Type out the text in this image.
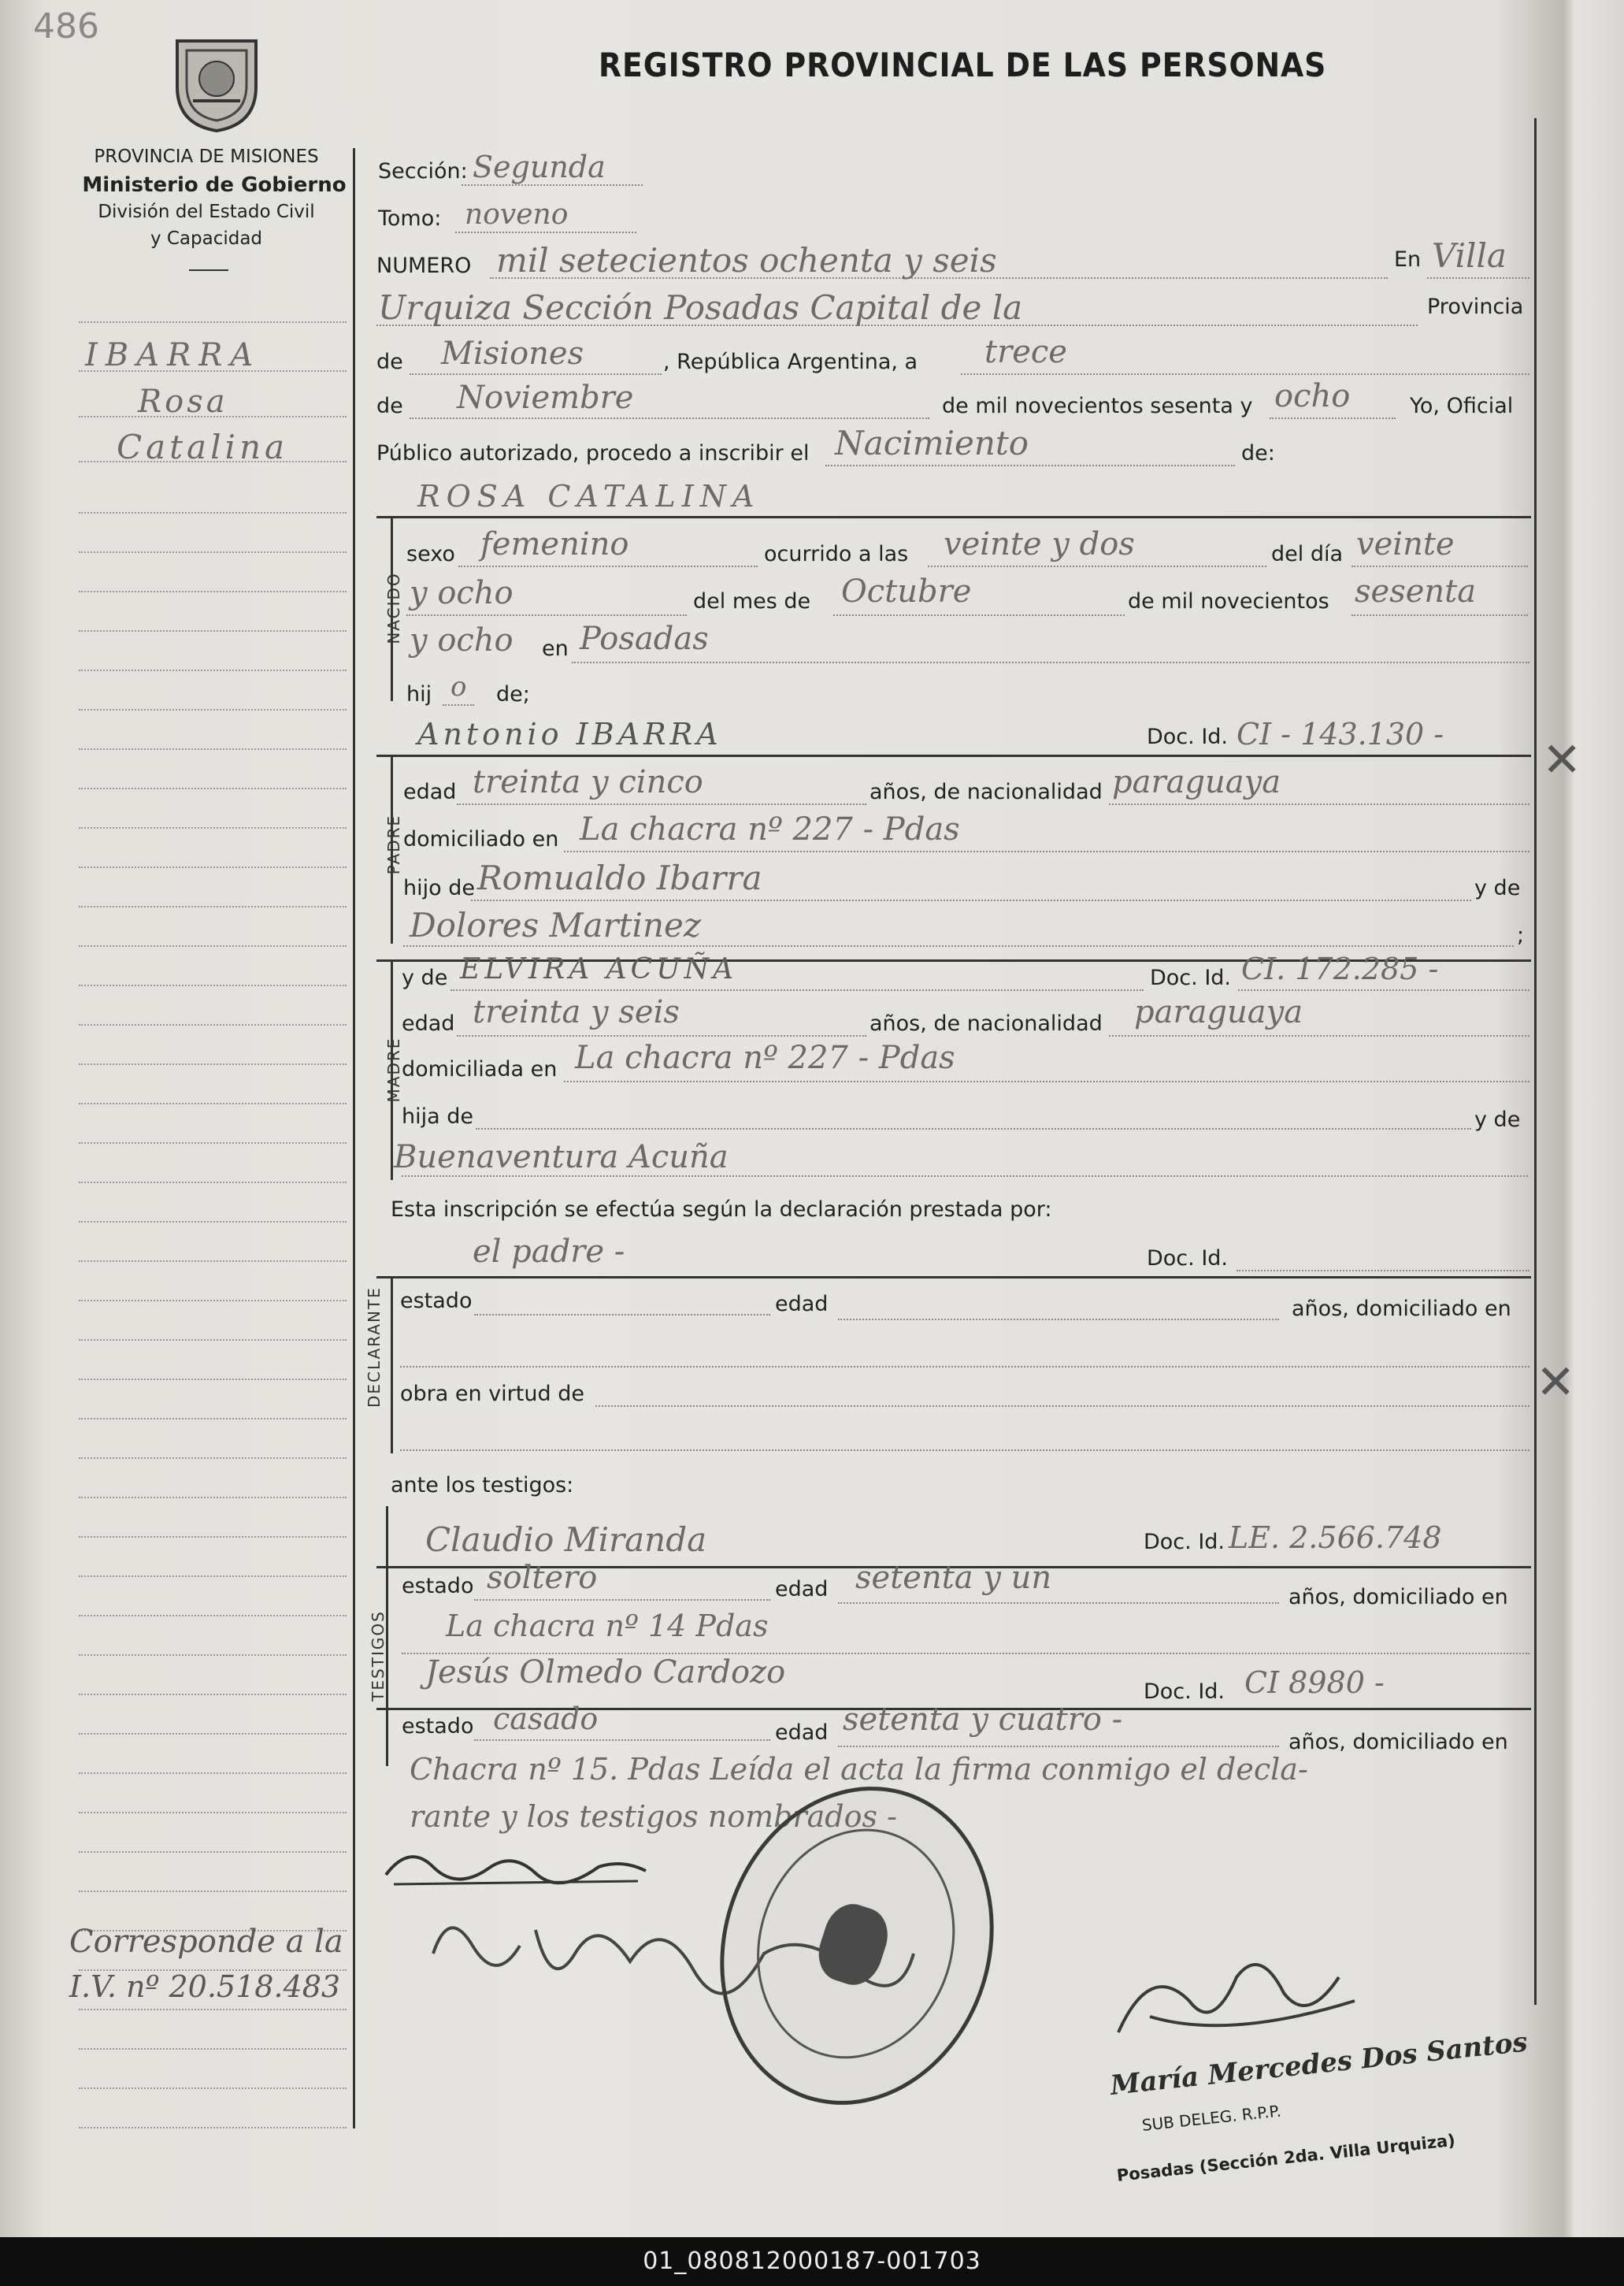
486
REGISTRO PROVINCIAL DE LAS PERSONAS
PROVINCIA DE MISIONES
Ministerio de Gobierno
División del Estado Civil
y Capacidad
IBARRA
Rosa
Catalina
Corresponde a la
I.V. nº 20.518.483
Sección: Segunda
Tomo: noveno
NUMERO mil setecientos ochenta y seis	En Villa
Urquiza Sección Posadas Capital de la	Provincia
de Misiones	, República Argentina, a trece
de Noviembre	de mil novecientos sesenta y ocho	Yo, Oficial
Público autorizado, procedo a inscribir el Nacimiento	de:
ROSA CATALINA
NACIDO
sexo femenino	ocurrido a las veinte y dos	del día veinte
y ocho	del mes de Octubre	de mil novecientos sesenta
y ocho en Posadas
hij o de;
Antonio IBARRA	Doc. Id. CI - 143.130 -
PADRE
edad treinta y cinco	años, de nacionalidad paraguaya
domiciliado en La chacra nº 227 - Pdas
hijo de Romualdo Ibarra	y de
Dolores Martinez	;
MADRE
y de ELVIRA ACUÑA	Doc. Id. CI. 172.285 -
edad treinta y seis	años, de nacionalidad paraguaya
domiciliada en La chacra nº 227 - Pdas
hija de	y de
Buenaventura Acuña
Esta inscripción se efectúa según la declaración prestada por:
el padre -	Doc. Id.
DECLARANTE estado	edad	años, domiciliado en
obra en virtud de
ante los testigos:
TESTIGOS
Claudio Miranda	Doc. Id. LE. 2.566.748
estado soltero	edad setenta y un
años, domiciliado en
La chacra nº 14 Pdas
Jesús Olmedo Cardozo
Doc. Id. CI 8980 -
estado casado	edad setenta y cuatro -
años, domiciliado en
Chacra nº 15. Pdas Leída el acta la firma conmigo el decla-
rante y los testigos nombrados -
María Mercedes Dos Santos
SUB DELEG. R.P.P.
Posadas (Sección 2da. Villa Urquiza)
✕
✕
01_080812000187-001703
